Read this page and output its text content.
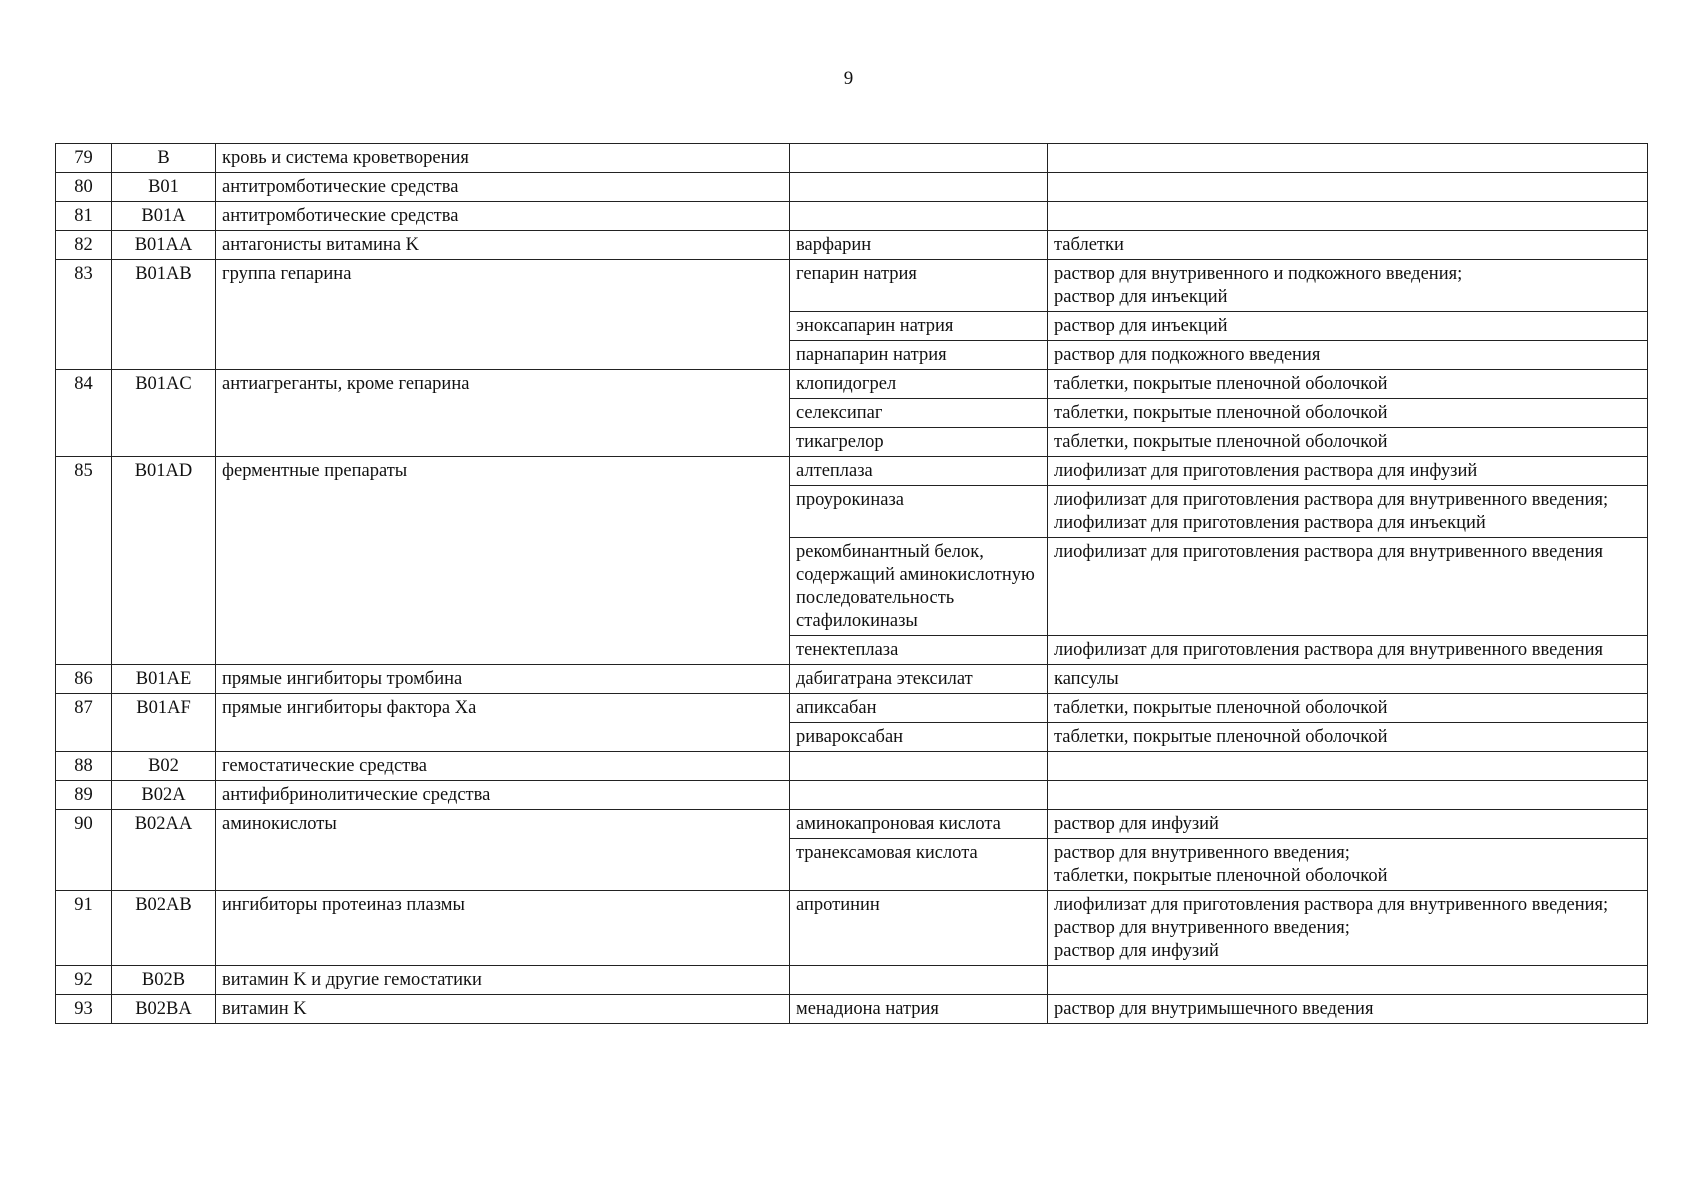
9
79	B	кровь и система кроветворения		
80	B01	антитромботические средства		
81	B01A	антитромботические средства		
82	B01AA	антагонисты витамина K	варфарин	таблетки

83	B01AB	группа гепарина	гепарин натрия	раствор для внутривенного и подкожного введения;
раствор для инъекций

			эноксапарин натрия	раствор для инъекций

			парнапарин натрия	раствор для подкожного введения

84	B01AC	антиагреганты, кроме гепарина	клопидогрел	таблетки, покрытые пленочной оболочкой

			селексипаг	таблетки, покрытые пленочной оболочкой

			тикагрелор	таблетки, покрытые пленочной оболочкой

85	B01AD	ферментные препараты	алтеплаза	лиофилизат для приготовления раствора для инфузий

			проурокиназа	лиофилизат для приготовления раствора для внутривенного введения;
лиофилизат для приготовления раствора для инъекций

			рекомбинантный белок, содержащий аминокислотную последовательность стафилокиназы	лиофилизат для приготовления раствора для внутривенного введения

			тенектеплаза	лиофилизат для приготовления раствора для внутривенного введения

86	B01AE	прямые ингибиторы тромбина	дабигатрана этексилат	капсулы

87	B01AF	прямые ингибиторы фактора Xa	апиксабан	таблетки, покрытые пленочной оболочкой

			ривароксабан	таблетки, покрытые пленочной оболочкой

88	B02	гемостатические средства		
89	B02A	антифибринолитические средства		
90	B02AA	аминокислоты	аминокапроновая кислота	раствор для инфузий

			транексамовая кислота	раствор для внутривенного введения;
таблетки, покрытые пленочной оболочкой

91	B02AB	ингибиторы протеиназ плазмы	апротинин	лиофилизат для приготовления раствора для внутривенного введения;
раствор для внутривенного введения;
раствор для инфузий

92	B02B	витамин K и другие гемостатики		
93	B02BA	витамин K	менадиона натрия	раствор для внутримышечного введения
